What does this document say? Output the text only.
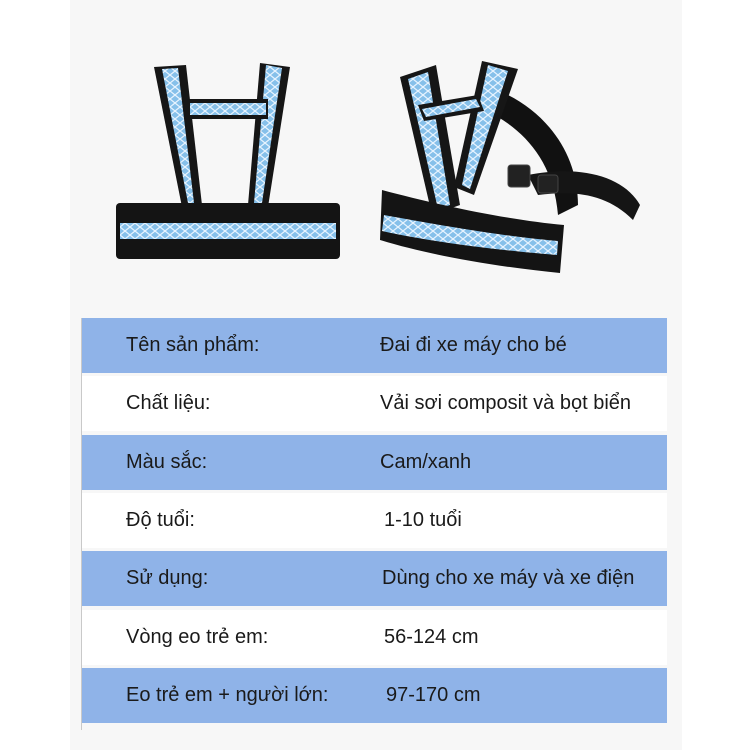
Tên sản phẩm:	Đai đi xe máy cho bé
Chất liệu:	Vải sơi composit và bọt biển
Màu sắc:	Cam/xanh
Độ tuổi:	1-10 tuổi
Sử dụng:	Dùng cho xe máy và xe điện
Vòng eo trẻ em:	56-124 cm
Eo trẻ em + người lớn:	97-170 cm
